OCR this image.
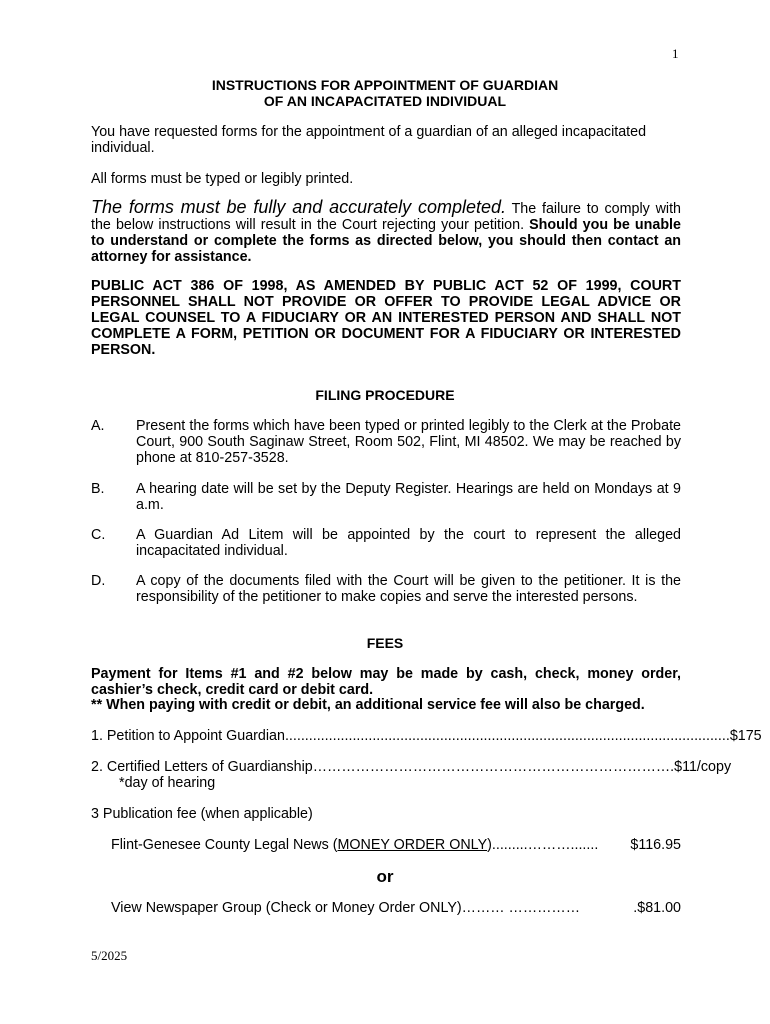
1
INSTRUCTIONS FOR APPOINTMENT OF GUARDIAN
OF AN INCAPACITATED INDIVIDUAL
You have requested forms for the appointment of a guardian of an alleged incapacitated individual.
All forms must be typed or legibly printed.
The forms must be fully and accurately completed. The failure to comply with the below instructions will result in the Court rejecting your petition. Should you be unable to understand or complete the forms as directed below, you should then contact an attorney for assistance.
PUBLIC ACT 386 OF 1998, AS AMENDED BY PUBLIC ACT 52 OF 1999, COURT PERSONNEL SHALL NOT PROVIDE OR OFFER TO PROVIDE LEGAL ADVICE OR LEGAL COUNSEL TO A FIDUCIARY OR AN INTERESTED PERSON AND SHALL NOT COMPLETE A FORM, PETITION OR DOCUMENT FOR A FIDUCIARY OR INTERESTED PERSON.
FILING PROCEDURE
A. Present the forms which have been typed or printed legibly to the Clerk at the Probate Court, 900 South Saginaw Street, Room 502, Flint, MI 48502. We may be reached by phone at 810-257-3528.
B. A hearing date will be set by the Deputy Register. Hearings are held on Mondays at 9 a.m.
C. A Guardian Ad Litem will be appointed by the court to represent the alleged incapacitated individual.
D. A copy of the documents filed with the Court will be given to the petitioner. It is the responsibility of the petitioner to make copies and serve the interested persons.
FEES
Payment for Items #1 and #2 below may be made by cash, check, money order, cashier’s check, credit card or debit card.
** When paying with credit or debit, an additional service fee will also be charged.
1. Petition to Appoint Guardian ................................................................................................................ $175
2. Certified Letters of Guardianship ………………………………………………………………… .$11/copy
*day of hearing
3 Publication fee (when applicable)
Flint-Genesee County Legal News (MONEY ORDER ONLY) .........……….......	$116.95
or
View Newspaper Group (Check or Money Order ONLY)……… ……………	.$81.00
5/2025
